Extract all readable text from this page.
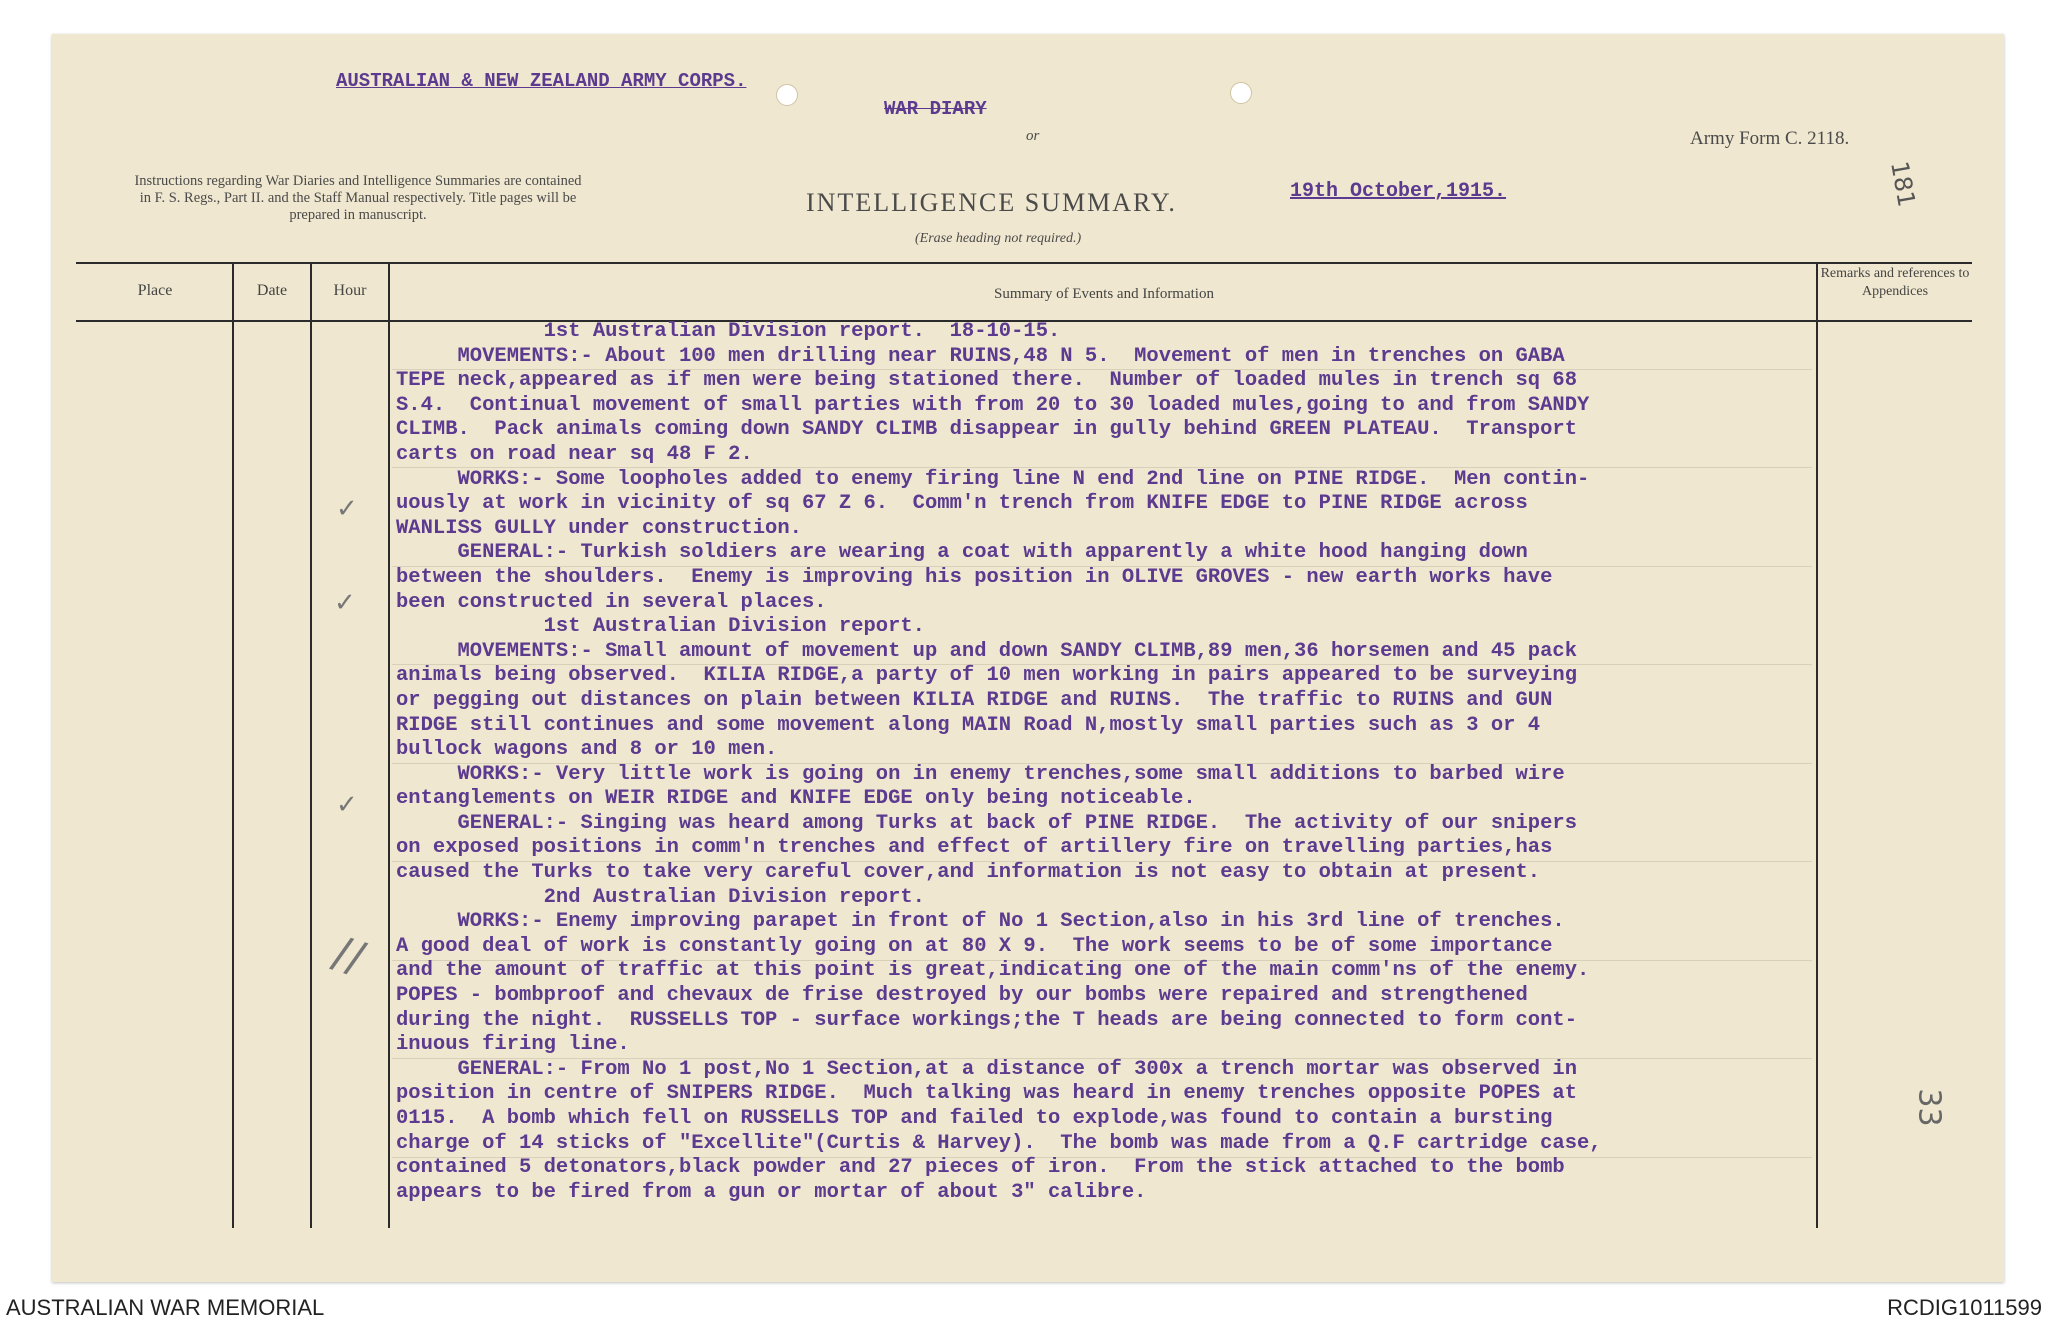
AUSTRALIAN & NEW ZEALAND ARMY CORPS.
WAR DIARY
or
INTELLIGENCE SUMMARY.	19th October,1915.
(Erase heading not required.)
Army Form C. 2118.
Instructions regarding War Diaries and Intelligence Summaries are contained in F. S. Regs., Part II. and the Staff Manual respectively. Title pages will be prepared in manuscript.
181
33
Place	Date	Hour	Summary of Events and Information
Remarks and references to Appendices
✓
✓
✓
//
1st Australian Division report.  18-10-15.
MOVEMENTS:- About 100 men drilling near RUINS,48 N 5.  Movement of men in trenches on GABA
TEPE neck,appeared as if men were being stationed there.  Number of loaded mules in trench sq 68
S.4.  Continual movement of small parties with from 20 to 30 loaded mules,going to and from SANDY
CLIMB.  Pack animals coming down SANDY CLIMB disappear in gully behind GREEN PLATEAU.  Transport
carts on road near sq 48 F 2.
WORKS:- Some loopholes added to enemy firing line N end 2nd line on PINE RIDGE.  Men contin-
uously at work in vicinity of sq 67 Z 6.  Comm'n trench from KNIFE EDGE to PINE RIDGE across
WANLISS GULLY under construction.
GENERAL:- Turkish soldiers are wearing a coat with apparently a white hood hanging down
between the shoulders.  Enemy is improving his position in OLIVE GROVES - new earth works have
been constructed in several places.
1st Australian Division report.
MOVEMENTS:- Small amount of movement up and down SANDY CLIMB,89 men,36 horsemen and 45 pack
animals being observed.  KILIA RIDGE,a party of 10 men working in pairs appeared to be surveying
or pegging out distances on plain between KILIA RIDGE and RUINS.  The traffic to RUINS and GUN
RIDGE still continues and some movement along MAIN Road N,mostly small parties such as 3 or 4
bullock wagons and 8 or 10 men.
WORKS:- Very little work is going on in enemy trenches,some small additions to barbed wire
entanglements on WEIR RIDGE and KNIFE EDGE only being noticeable.
GENERAL:- Singing was heard among Turks at back of PINE RIDGE.  The activity of our snipers
on exposed positions in comm'n trenches and effect of artillery fire on travelling parties,has
caused the Turks to take very careful cover,and information is not easy to obtain at present.
2nd Australian Division report.
WORKS:- Enemy improving parapet in front of No 1 Section,also in his 3rd line of trenches.
A good deal of work is constantly going on at 80 X 9.  The work seems to be of some importance
and the amount of traffic at this point is great,indicating one of the main comm'ns of the enemy.
POPES - bombproof and chevaux de frise destroyed by our bombs were repaired and strengthened
during the night.  RUSSELLS TOP - surface workings;the T heads are being connected to form cont-
inuous firing line.
GENERAL:- From No 1 post,No 1 Section,at a distance of 300x a trench mortar was observed in
position in centre of SNIPERS RIDGE.  Much talking was heard in enemy trenches opposite POPES at
0115.  A bomb which fell on RUSSELLS TOP and failed to explode,was found to contain a bursting
charge of 14 sticks of "Excellite"(Curtis & Harvey).  The bomb was made from a Q.F cartridge case,
contained 5 detonators,black powder and 27 pieces of iron.  From the stick attached to the bomb
appears to be fired from a gun or mortar of about 3" calibre.
AUSTRALIAN WAR MEMORIAL	RCDIG1011599
